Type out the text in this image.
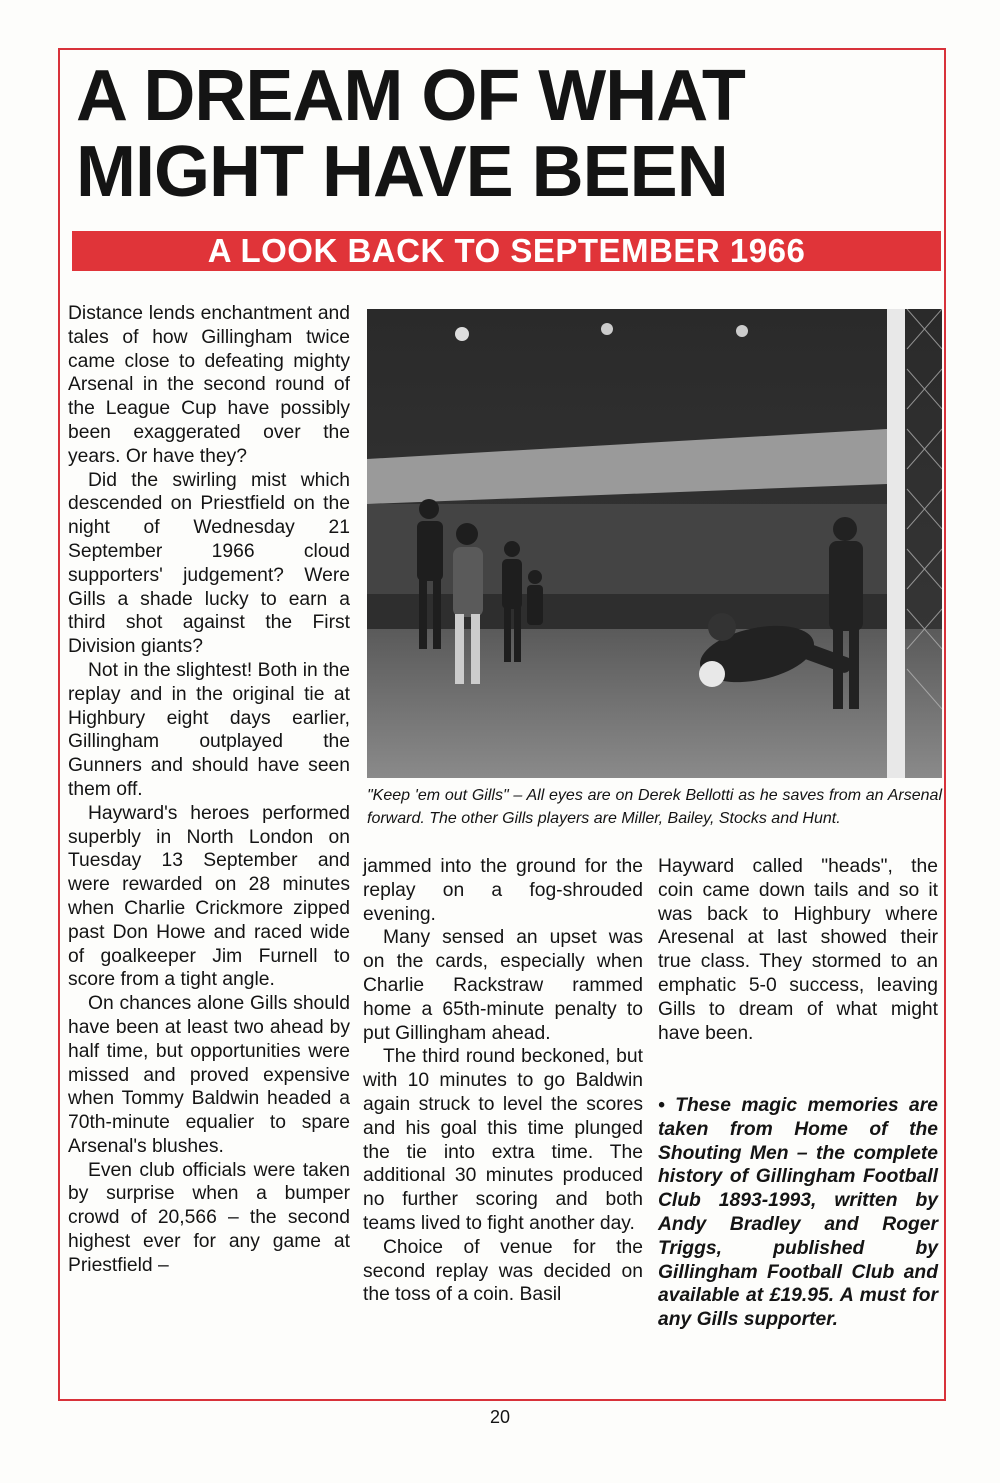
A DREAM OF WHAT
MIGHT HAVE BEEN
A LOOK BACK TO SEPTEMBER 1966

Distance lends enchantment and tales of how Gillingham twice came close to defeating mighty Arsenal in the second round of the League Cup have possibly been exaggerated over the years. Or have they?

Did the swirling mist which descended on Priestfield on the night of Wednesday 21 September 1966 cloud supporters' judgement? Were Gills a shade lucky to earn a third shot against the First Division giants?

Not in the slightest! Both in the replay and in the original tie at Highbury eight days earlier, Gillingham outplayed the Gunners and should have seen them off.

Hayward's heroes performed superbly in North London on Tuesday 13 September and were rewarded on 28 minutes when Charlie Crickmore zipped past Don Howe and raced wide of goalkeeper Jim Furnell to score from a tight angle.

On chances alone Gills should have been at least two ahead by half time, but opportunities were missed and proved expensive when Tommy Baldwin headed a 70th-minute equalier to spare Arsenal's blushes.

Even club officials were taken by surprise when a bumper crowd of 20,566 – the second highest ever for any game at Priestfield –

"Keep 'em out Gills" – All eyes are on Derek Bellotti as he saves from an Arsenal forward. The other Gills players are Miller, Bailey, Stocks and Hunt.

jammed into the ground for the replay on a fog-shrouded evening.

Many sensed an upset was on the cards, especially when Charlie Rackstraw rammed home a 65th-minute penalty to put Gillingham ahead.

The third round beckoned, but with 10 minutes to go Baldwin again struck to level the scores and his goal this time plunged the tie into extra time. The additional 30 minutes produced no further scoring and both teams lived to fight another day.

Choice of venue for the second replay was decided on the toss of a coin. Basil

Hayward called "heads", the coin came down tails and so it was back to Highbury where Aresenal at last showed their true class. They stormed to an emphatic 5-0 success, leaving Gills to dream of what might have been.

• These magic memories are taken from Home of the Shouting Men – the complete history of Gillingham Football Club 1893-1993, written by Andy Bradley and Roger Triggs, published by Gillingham Football Club and available at £19.95. A must for any Gills supporter.

20
